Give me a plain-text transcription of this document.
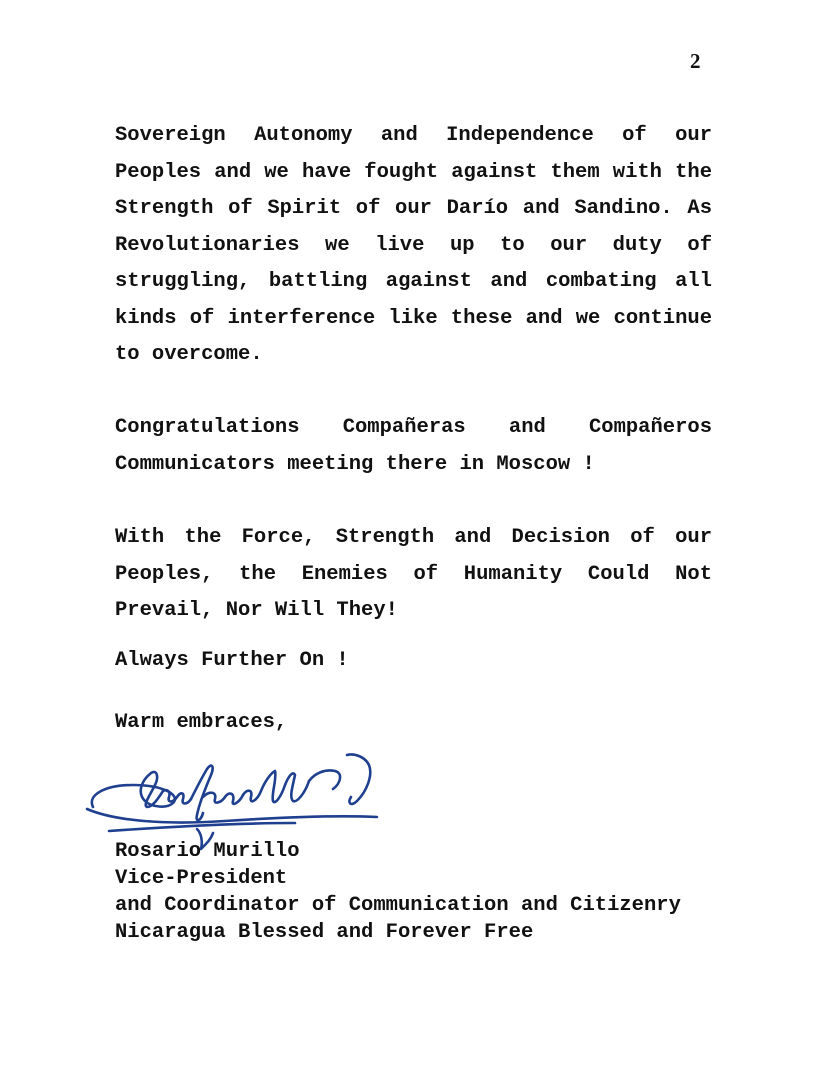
2

Sovereign Autonomy and Independence of our Peoples and we have fought against them with the Strength of Spirit of our Darío and Sandino. As Revolutionaries we live up to our duty of struggling, battling against and combating all kinds of interference like these and we continue to overcome.

Congratulations Compañeras and Compañeros Communicators meeting there in Moscow !

With the Force, Strength and Decision of our Peoples, the Enemies of Humanity Could Not Prevail, Nor Will They!

Always Further On !

Warm embraces,

Rosario Murillo
Vice-President
and Coordinator of Communication and Citizenry
Nicaragua Blessed and Forever Free
